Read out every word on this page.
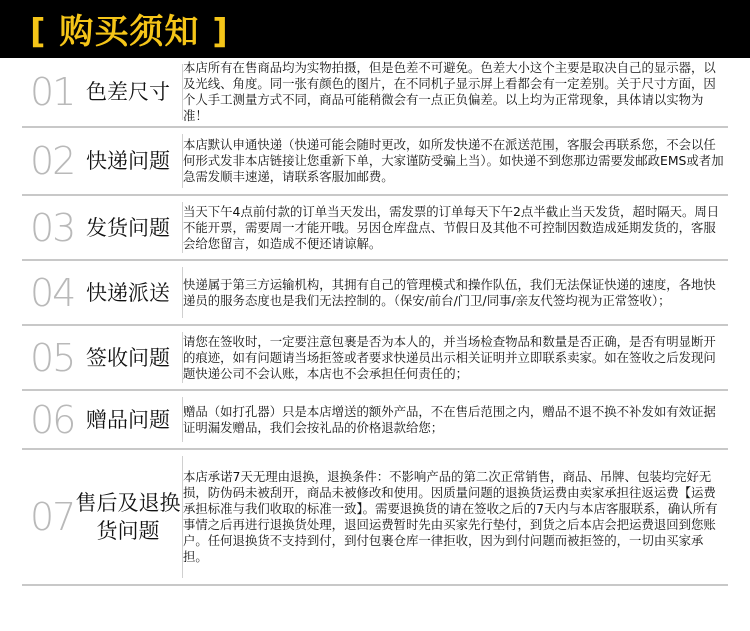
[ 购买须知 ]
01 色差尺寸
本店所有在售商品均为实物拍摄，但是色差不可避免。色差大小这个主要是取决自己的显示器，以及光线、角度。同一张有颜色的图片，在不同机子显示屏上看都会有一定差别。关于尺寸方面，因个人手工测量方式不同，商品可能稍微会有一点正负偏差。以上均为正常现象，具体请以实物为准！
02 快递问题
本店默认申通快递（快递可能会随时更改，如所发快递不在派送范围，客服会再联系您，不会以任何形式发非本店链接让您重新下单，大家谨防受骗上当）。如快递不到您那边需要发邮政EMS或者加急需发顺丰速递，请联系客服加邮费。
03 发货问题
当天下午4点前付款的订单当天发出，需发票的订单每天下午2点半截止当天发货，超时隔天。周日不能开票，需要周一才能开哦。另因仓库盘点、节假日及其他不可控制因数造成延期发货的，客服会给您留言，如造成不便还请谅解。
04 快递派送	快递属于第三方运输机构，其拥有自己的管理模式和操作队伍，我们无法保证快递的速度，各地快递员的服务态度也是我们无法控制的。（保安/前台/门卫/同事/亲友代签均视为正常签收）；
05 签收问题
请您在签收时，一定要注意包裹是否为本人的，并当场检查物品和数量是否正确，是否有明显断开的痕迹，如有问题请当场拒签或者要求快递员出示相关证明并立即联系卖家。如在签收之后发现问题快递公司不会认账，本店也不会承担任何责任的；
06 赠品问题	赠品（如打孔器）只是本店增送的额外产品，不在售后范围之内，赠品不退不换不补发如有效证据证明漏发赠品，我们会按礼品的价格退款给您；
07 售后及退换货问题
本店承诺7天无理由退换，退换条件：不影响产品的第二次正常销售，商品、吊牌、包装均完好无损，防伪码未被刮开，商品未被修改和使用。因质量问题的退换货运费由卖家承担往返运费【运费承担标准与我们收取的标准一致】。需要退换货的请在签收之后的7天内与本店客服联系，确认所有事情之后再进行退换货处理，退回运费暂时先由买家先行垫付，到货之后本店会把运费退回到您账户。任何退换货不支持到付，到付包裹仓库一律拒收，因为到付问题而被拒签的，一切由买家承担。
